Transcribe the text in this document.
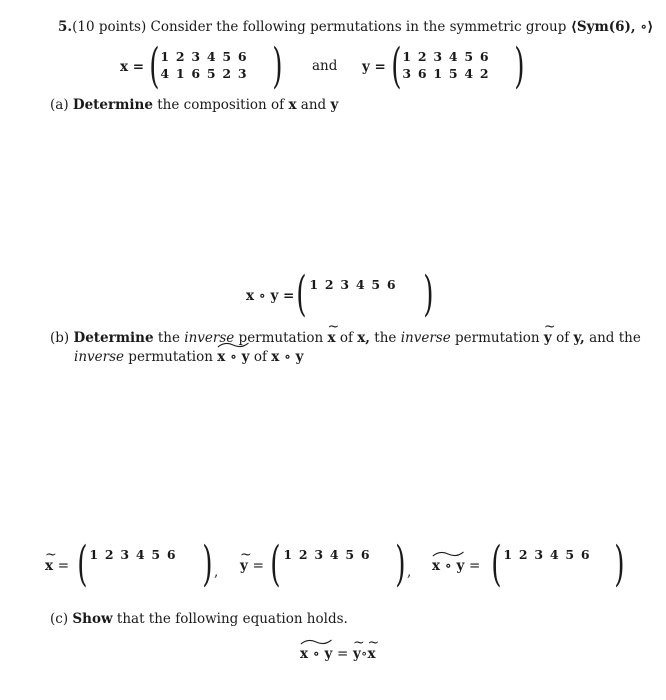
5.(10 points) Consider the following permutations in the symmetric group ⟨Sym(6), ∘⟩
x = ( 1 2 3 4 5 6
4 1 6 5 2 3 ) and y = ( 1 2 3 4 5 6
3 6 1 5 4 2 )
(a) Determine the composition of x and y
x ∘ y = ( 1 2 3 4 5 6 )
(b) Determine the inverse permutation x ~ of x, the inverse permutation y ~ of y, and the
inverse permutation x ∘ y of x ∘ y
x ~ = ( 1 2 3 4 5 6 ) , y ~ = ( 1 2 3 4 5 6 ) , x ∘ y = ( 1 2 3 4 5 6 )
(c) Show that the following equation holds.
x ∘ y = y ~∘x ~
